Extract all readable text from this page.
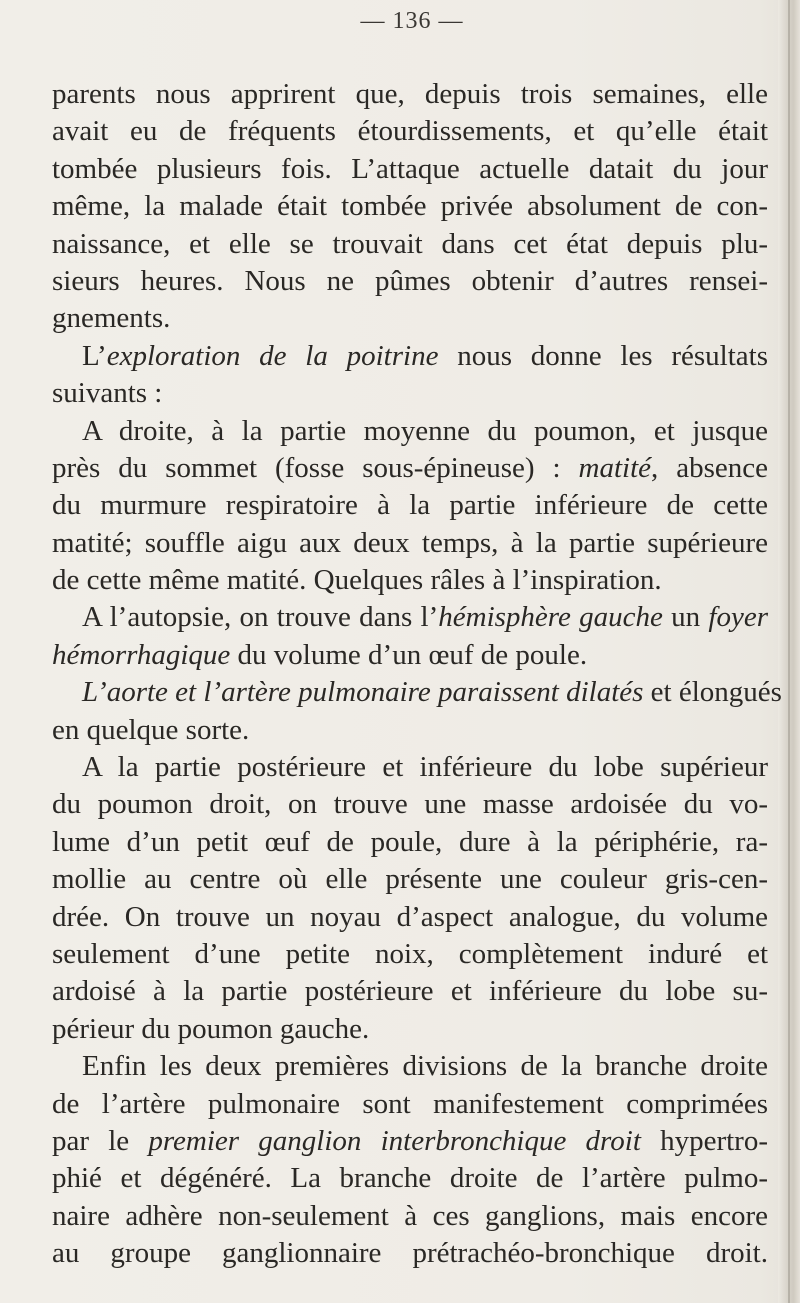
— 136 —
parents nous apprirent que, depuis trois semaines, elle
avait eu de fréquents étourdissements, et qu’elle était
tombée plusieurs fois. L’attaque actuelle datait du jour
même, la malade était tombée privée absolument de con-
naissance, et elle se trouvait dans cet état depuis plu-
sieurs heures. Nous ne pûmes obtenir d’autres rensei-
gnements.
L’exploration de la poitrine nous donne les résultats
suivants :
A droite, à la partie moyenne du poumon, et jusque
près du sommet (fosse sous-épineuse) : matité, absence
du murmure respiratoire à la partie inférieure de cette
matité; souffle aigu aux deux temps, à la partie supérieure
de cette même matité. Quelques râles à l’inspiration.
A l’autopsie, on trouve dans l’hémisphère gauche un foyer
hémorrhagique du volume d’un œuf de poule.
L’aorte et l’artère pulmonaire paraissent dilatés et élongués
en quelque sorte.
A la partie postérieure et inférieure du lobe supérieur
du poumon droit, on trouve une masse ardoisée du vo-
lume d’un petit œuf de poule, dure à la périphérie, ra-
mollie au centre où elle présente une couleur gris-cen-
drée. On trouve un noyau d’aspect analogue, du volume
seulement d’une petite noix, complètement induré et
ardoisé à la partie postérieure et inférieure du lobe su-
périeur du poumon gauche.
Enfin les deux premières divisions de la branche droite
de l’artère pulmonaire sont manifestement comprimées
par le premier ganglion interbronchique droit hypertro-
phié et dégénéré. La branche droite de l’artère pulmo-
naire adhère non-seulement à ces ganglions, mais encore
au groupe ganglionnaire prétrachéo-bronchique droit.
